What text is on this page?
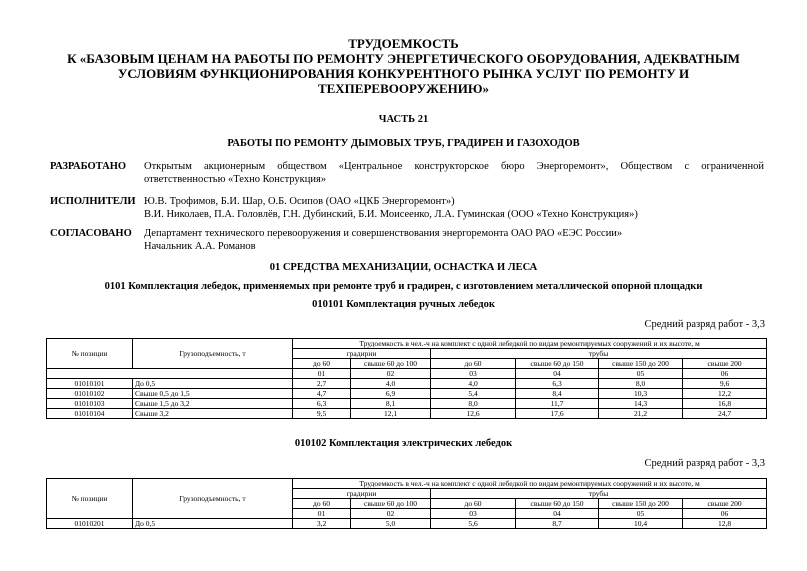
ТРУДОЕМКОСТЬ
К «БАЗОВЫМ ЦЕНАМ НА РАБОТЫ ПО РЕМОНТУ ЭНЕРГЕТИЧЕСКОГО ОБОРУДОВАНИЯ, АДЕКВАТНЫМ
УСЛОВИЯМ ФУНКЦИОНИРОВАНИЯ КОНКУРЕНТНОГО РЫНКА УСЛУГ ПО РЕМОНТУ И
ТЕХПЕРЕВООРУЖЕНИЮ»
ЧАСТЬ 21
РАБОТЫ ПО РЕМОНТУ ДЫМОВЫХ ТРУБ, ГРАДИРЕН И ГАЗОХОДОВ
РАЗРАБОТАНО Открытым акционерным обществом «Центральное конструкторское бюро Энергоремонт», Обществом с ограниченной
ответственностью «Техно Конструкция»
ИСПОЛНИТЕЛИ Ю.В. Трофимов, Б.И. Шар, О.Б. Осипов (ОАО «ЦКБ Энергоремонт»)
В.И. Николаев, П.А. Головлёв, Г.Н. Дубинский, Б.И. Моисеенко, Л.А. Гуминская (ООО «Техно Конструкция»)
СОГЛАСОВАНО Департамент технического перевооружения и совершенствования энергоремонта ОАО РАО «ЕЭС России»
Начальник А.А. Романов
01 СРЕДСТВА МЕХАНИЗАЦИИ, ОСНАСТКА И ЛЕСА
0101 Комплектация лебедок, применяемых при ремонте труб и градирен, с изготовлением металлической опорной площадки
010101 Комплектация ручных лебедок
Средний разряд работ - 3,3
№ позиции	Грузоподъемность, т	Трудоемкость в чел.-ч на комплект с одной лебедкой по видам ремонтируемых сооружений и их высоте, м					
		градирни		трубы			
		до 60	свыше 60 до 100	до 60	свыше 60 до 150	свыше 150 до 200	свыше 200
		01	02	03	04	05	06
01010101	До 0,5	2,7	4,0	4,0	6,3	8,0	9,6
01010102	Свыше 0,5 до 1,5	4,7	6,9	5,4	8,4	10,3	12,2
01010103	Свыше 1,5 до 3,2	6,3	8,1	8,0	11,7	14,3	16,8
01010104	Свыше 3,2	9,5	12,1	12,6	17,6	21,2	24,7
010102 Комплектация электрических лебедок
Средний разряд работ - 3,3
№ позиции	Грузоподъемность, т	Трудоемкость в чел.-ч на комплект с одной лебедкой по видам ремонтируемых сооружений и их высоте, м					
		градирни		трубы			
		до 60	свыше 60 до 100	до 60	свыше 60 до 150	свыше 150 до 200	свыше 200
		01	02	03	04	05	06
01010201	До 0,5	3,2	5,0	5,6	8,7	10,4	12,8
